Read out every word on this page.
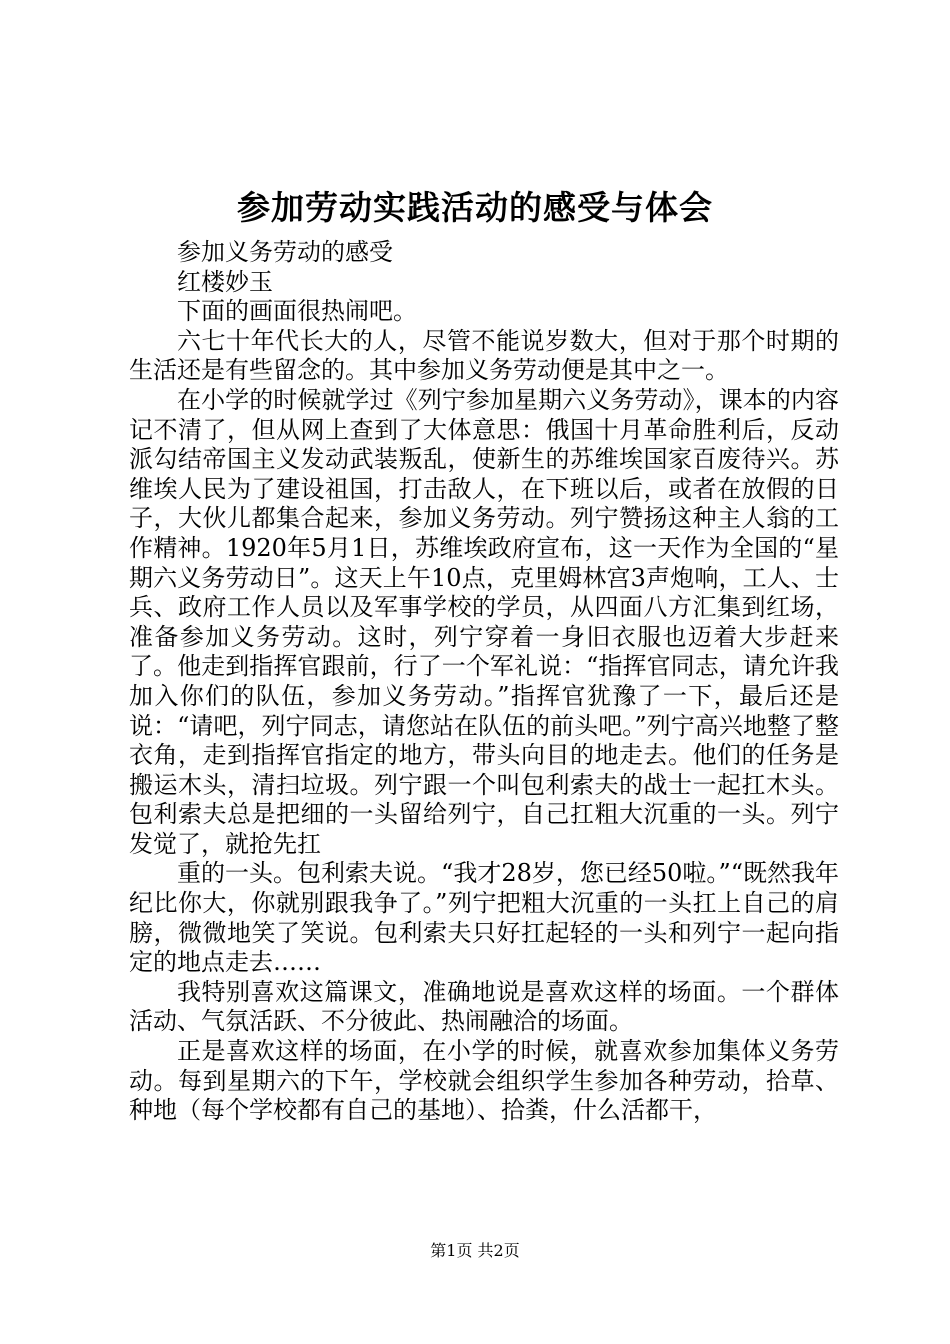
参加劳动实践活动的感受与体会

参加义务劳动的感受

红楼妙玉

下面的画面很热闹吧。

六七十年代长大的人，尽管不能说岁数大，但对于那个时期的生活还是有些留念的。其中参加义务劳动便是其中之一。

在小学的时候就学过《列宁参加星期六义务劳动》，课本的内容记不清了，但从网上查到了大体意思：俄国十月革命胜利后，反动派勾结帝国主义发动武装叛乱，使新生的苏维埃国家百废待兴。苏维埃人民为了建设祖国，打击敌人，在下班以后，或者在放假的日子，大伙儿都集合起来，参加义务劳动。列宁赞扬这种主人翁的工作精神。1920年5月1日，苏维埃政府宣布，这一天作为全国的“星期六义务劳动日”。这天上午10点，克里姆林宫3声炮响，工人、士兵、政府工作人员以及军事学校的学员，从四面八方汇集到红场，准备参加义务劳动。这时，列宁穿着一身旧衣服也迈着大步赶来了。他走到指挥官跟前，行了一个军礼说：“指挥官同志，请允许我加入你们的队伍，参加义务劳动。”指挥官犹豫了一下，最后还是说：“请吧，列宁同志，请您站在队伍的前头吧。”列宁高兴地整了整衣角，走到指挥官指定的地方，带头向目的地走去。他们的任务是搬运木头，清扫垃圾。列宁跟一个叫包利索夫的战士一起扛木头。包利索夫总是把细的一头留给列宁，自己扛粗大沉重的一头。列宁发觉了，就抢先扛

重的一头。包利索夫说。“我才28岁，您已经50啦。”“既然我年纪比你大，你就别跟我争了。”列宁把粗大沉重的一头扛上自己的肩膀，微微地笑了笑说。包利索夫只好扛起轻的一头和列宁一起向指定的地点走去……

我特别喜欢这篇课文，准确地说是喜欢这样的场面。一个群体活动、气氛活跃、不分彼此、热闹融洽的场面。

正是喜欢这样的场面，在小学的时候，就喜欢参加集体义务劳动。每到星期六的下午，学校就会组织学生参加各种劳动，拾草、种地（每个学校都有自己的基地）、拾粪，什么活都干，

第1页 共2页
